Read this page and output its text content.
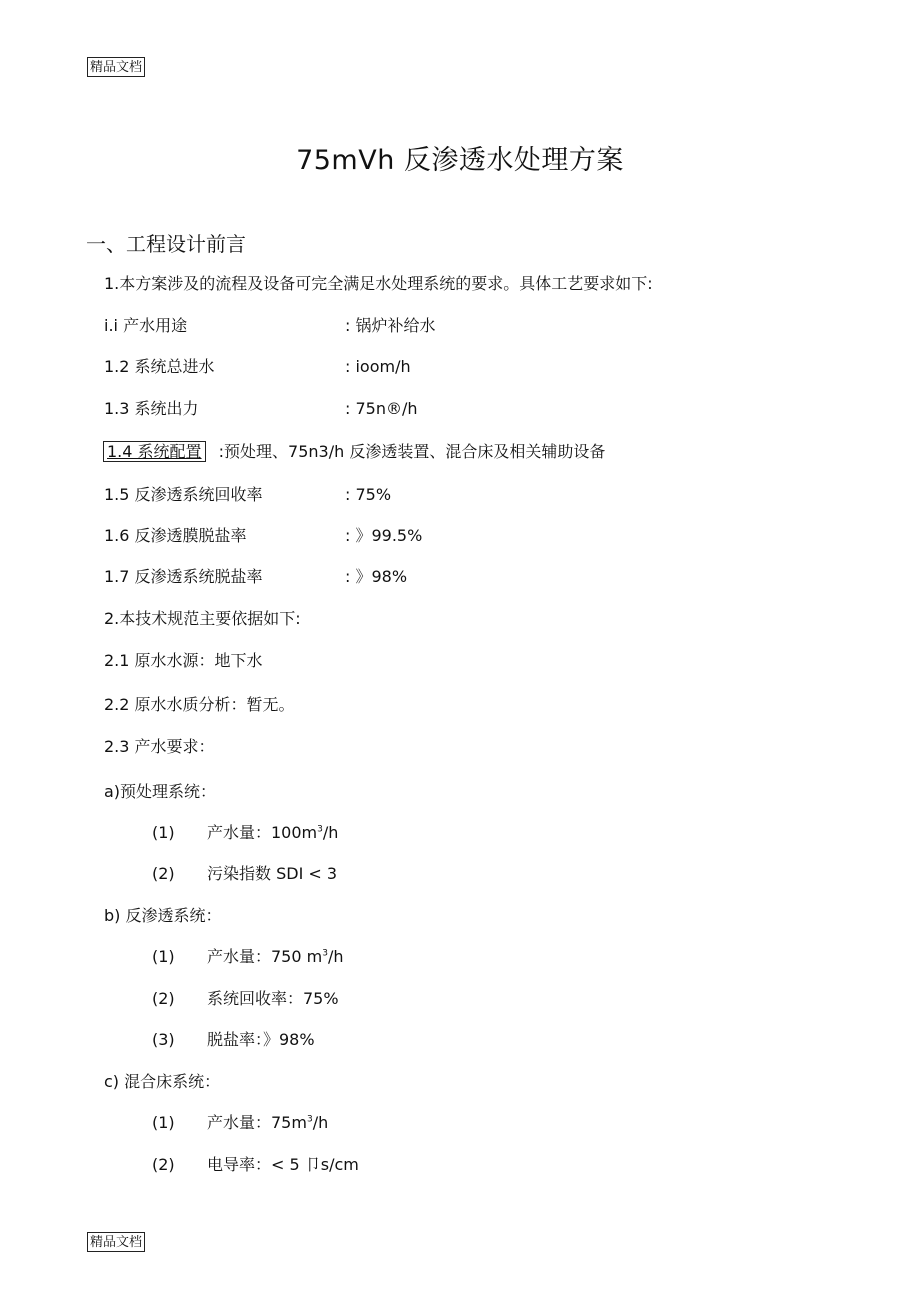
精品文档
75mVh 反渗透水处理方案
一、工程设计前言
1.本方案涉及的流程及设备可完全满足水处理系统的要求。具体工艺要求如下:
i.i 产水用途	: 锅炉补给水
1.2 系统总进水	: ioom/h
1.3 系统出力	: 75n®/h
1.4 系统配置 :预处理、75n3/h 反渗透装置、混合床及相关辅助设备
1.5 反渗透系统回收率	: 75%
1.6 反渗透膜脱盐率	: 》99.5%
1.7 反渗透系统脱盐率	: 》98%
2.本技术规范主要依据如下:
2.1 原水水源：地下水
2.2 原水水质分析：暂无。
2.3 产水要求：
a)预处理系统：
(1) 产水量：$100m^3/h$
(2) 污染指数 SDI < 3
b) 反渗透系统：
(1) 产水量：750 $m^3/h$
(2) 系统回收率：75%
(3) 脱盐率：》98%
c) 混合床系统：
(1) 产水量：$75m^3/h$
(2) 电导率：< 5 卩s/cm
精品文档
